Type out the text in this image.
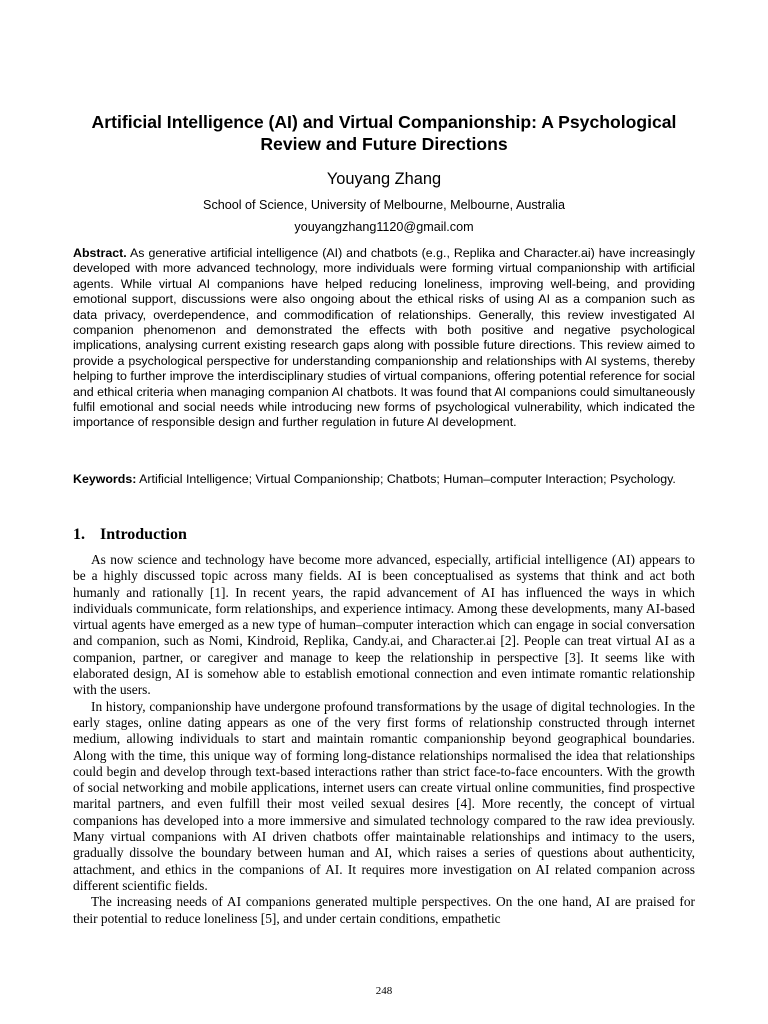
Artificial Intelligence (AI) and Virtual Companionship: A Psychological Review and Future Directions
Youyang Zhang
School of Science, University of Melbourne, Melbourne, Australia
youyangzhang1120@gmail.com

Abstract. As generative artificial intelligence (AI) and chatbots (e.g., Replika and Character.ai) have increasingly developed with more advanced technology, more individuals were forming virtual companionship with artificial agents. While virtual AI companions have helped reducing loneliness, improving well-being, and providing emotional support, discussions were also ongoing about the ethical risks of using AI as a companion such as data privacy, overdependence, and commodification of relationships. Generally, this review investigated AI companion phenomenon and demonstrated the effects with both positive and negative psychological implications, analysing current existing research gaps along with possible future directions. This review aimed to provide a psychological perspective for understanding companionship and relationships with AI systems, thereby helping to further improve the interdisciplinary studies of virtual companions, offering potential reference for social and ethical criteria when managing companion AI chatbots. It was found that AI companions could simultaneously fulfil emotional and social needs while introducing new forms of psychological vulnerability, which indicated the importance of responsible design and further regulation in future AI development.

Keywords: Artificial Intelligence; Virtual Companionship; Chatbots; Human–computer Interaction; Psychology.

1. Introduction

As now science and technology have become more advanced, especially, artificial intelligence (AI) appears to be a highly discussed topic across many fields. AI is been conceptualised as systems that think and act both humanly and rationally [1]. In recent years, the rapid advancement of AI has influenced the ways in which individuals communicate, form relationships, and experience intimacy. Among these developments, many AI-based virtual agents have emerged as a new type of human–computer interaction which can engage in social conversation and companion, such as Nomi, Kindroid, Replika, Candy.ai, and Character.ai [2]. People can treat virtual AI as a companion, partner, or caregiver and manage to keep the relationship in perspective [3]. It seems like with elaborated design, AI is somehow able to establish emotional connection and even intimate romantic relationship with the users.

In history, companionship have undergone profound transformations by the usage of digital technologies. In the early stages, online dating appears as one of the very first forms of relationship constructed through internet medium, allowing individuals to start and maintain romantic companionship beyond geographical boundaries. Along with the time, this unique way of forming long-distance relationships normalised the idea that relationships could begin and develop through text-based interactions rather than strict face-to-face encounters. With the growth of social networking and mobile applications, internet users can create virtual online communities, find prospective marital partners, and even fulfill their most veiled sexual desires [4]. More recently, the concept of virtual companions has developed into a more immersive and simulated technology compared to the raw idea previously. Many virtual companions with AI driven chatbots offer maintainable relationships and intimacy to the users, gradually dissolve the boundary between human and AI, which raises a series of questions about authenticity, attachment, and ethics in the companions of AI. It requires more investigation on AI related companion across different scientific fields.

The increasing needs of AI companions generated multiple perspectives. On the one hand, AI are praised for their potential to reduce loneliness [5], and under certain conditions, empathetic

248
